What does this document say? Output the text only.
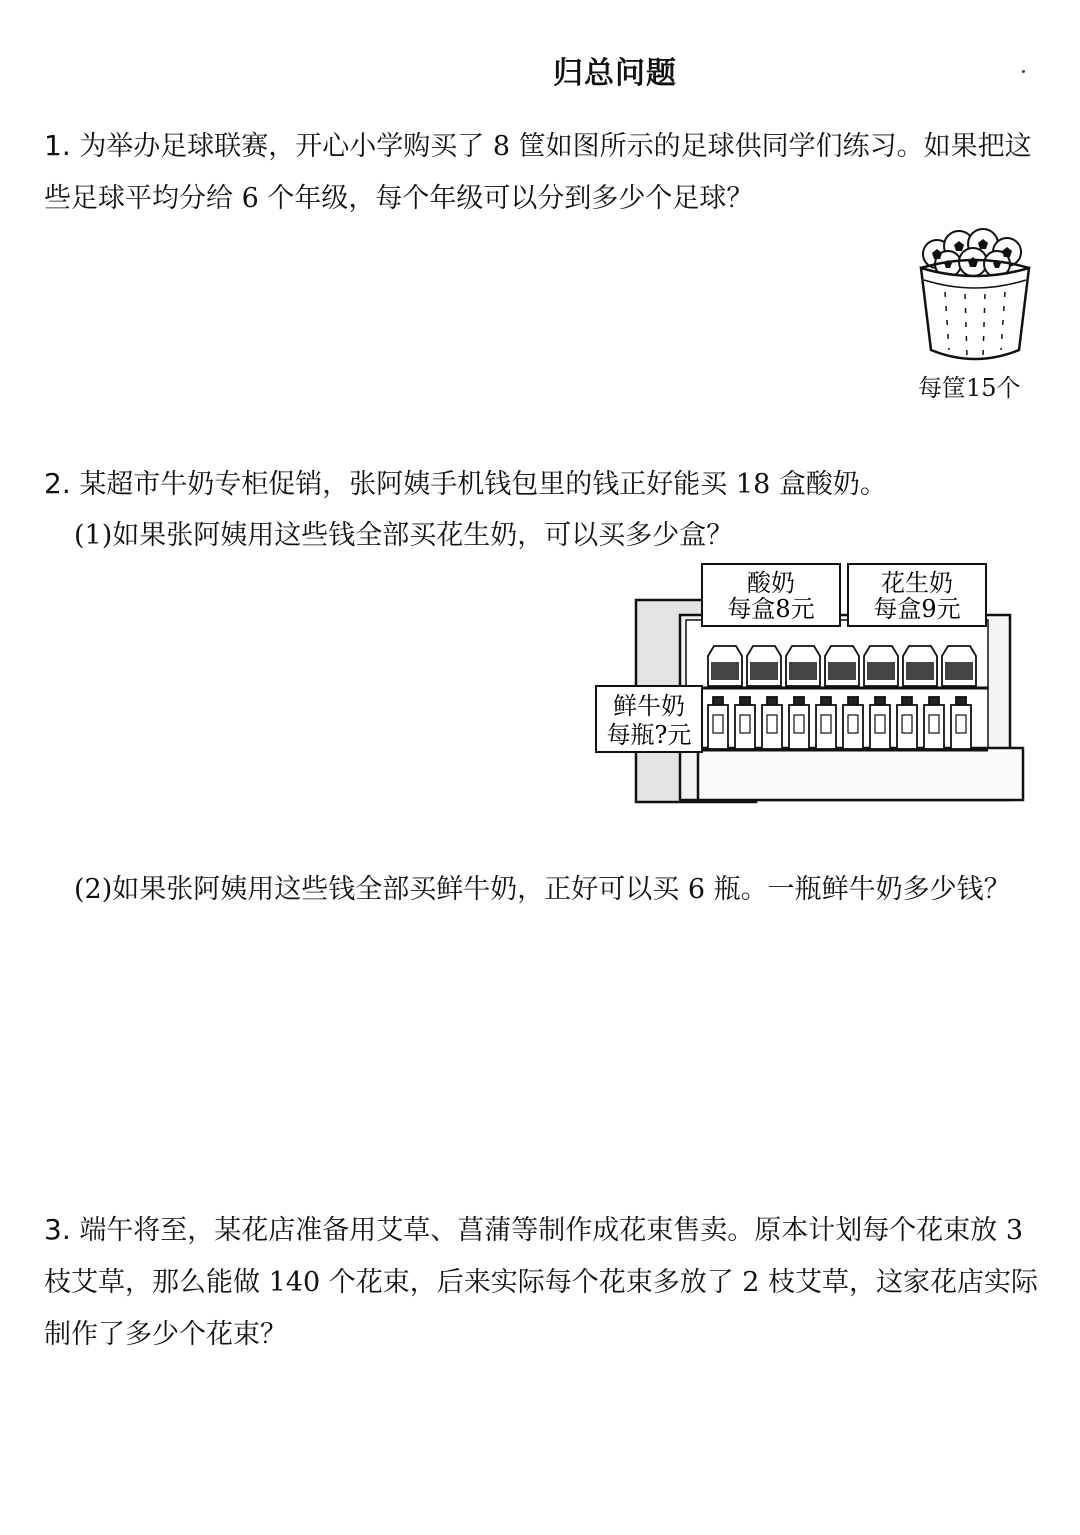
归总问题
1. 为举办足球联赛，开心小学购买了 8 筐如图所示的足球供同学们练习。如果把这些足球平均分给 6 个年级，每个年级可以分到多少个足球？
每筐15个
2. 某超市牛奶专柜促销，张阿姨手机钱包里的钱正好能买 18 盒酸奶。
(1)如果张阿姨用这些钱全部买花生奶，可以买多少盒？
酸奶
每盒8元
花生奶
每盒9元
鲜牛奶
每瓶?元
(2)如果张阿姨用这些钱全部买鲜牛奶，正好可以买 6 瓶。一瓶鲜牛奶多少钱？
3. 端午将至，某花店准备用艾草、菖蒲等制作成花束售卖。原本计划每个花束放 3 枝艾草，那么能做 140 个花束，后来实际每个花束多放了 2 枝艾草，这家花店实际制作了多少个花束？
